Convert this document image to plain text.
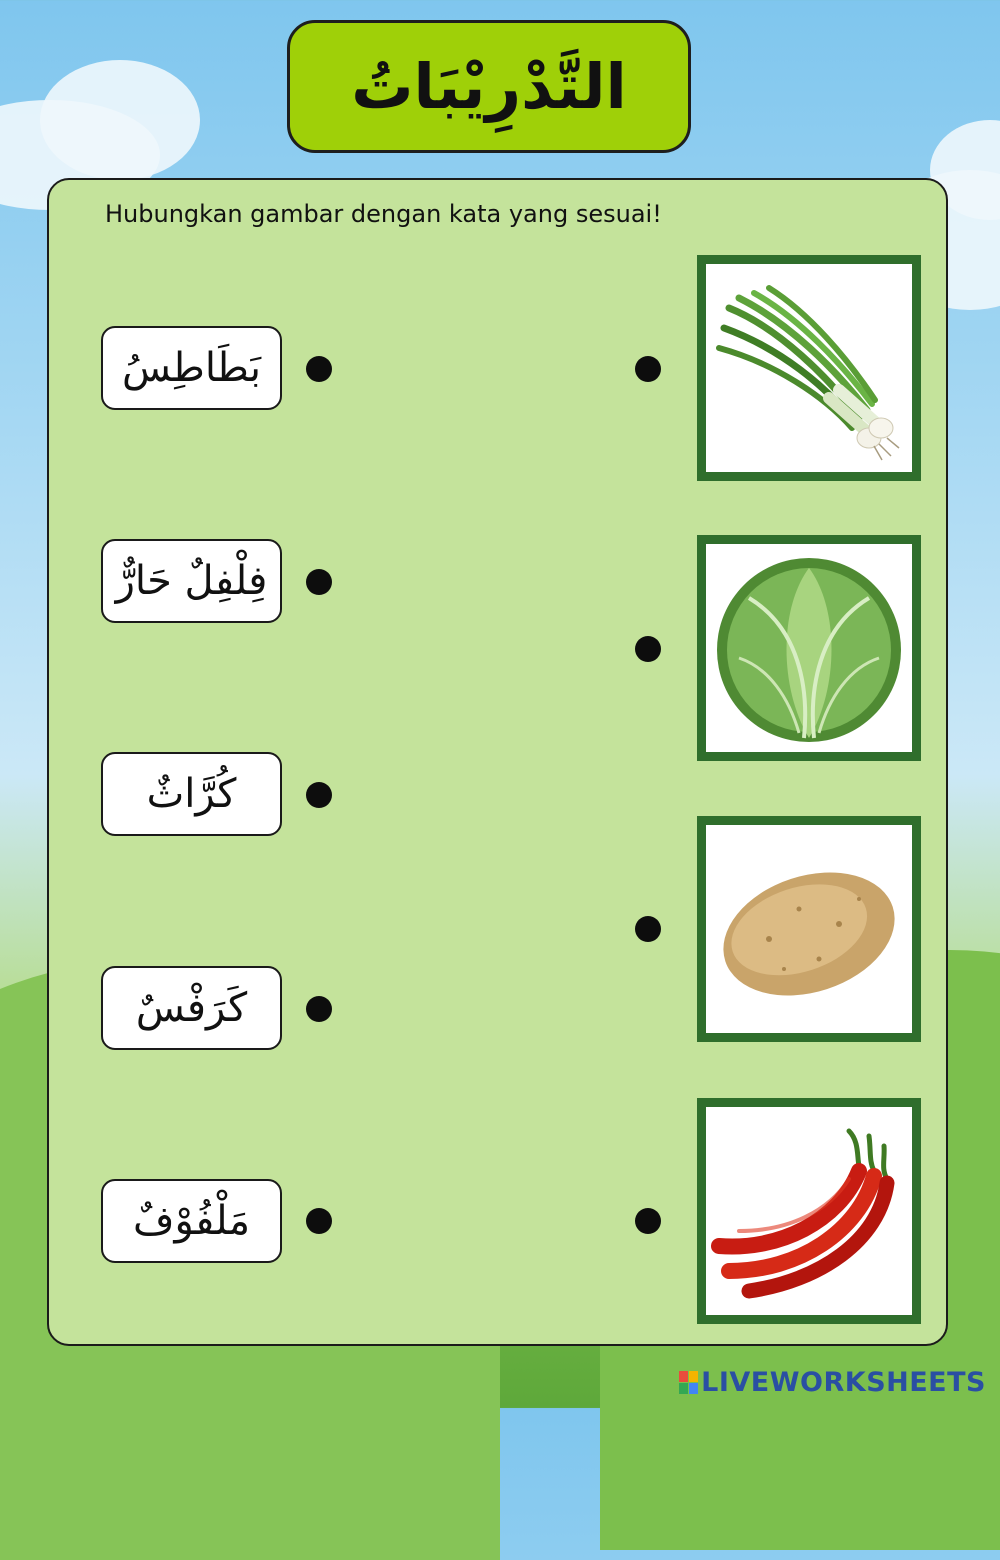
التَّدْرِيْبَاتُ
Hubungkan gambar dengan kata yang sesuai!
بَطَاطِسُ
فِلْفِلٌ حَارٌّ
كُرَّاثٌ
كَرَفْسٌ
مَلْفُوْفٌ
LIVEWORKSHEETS
